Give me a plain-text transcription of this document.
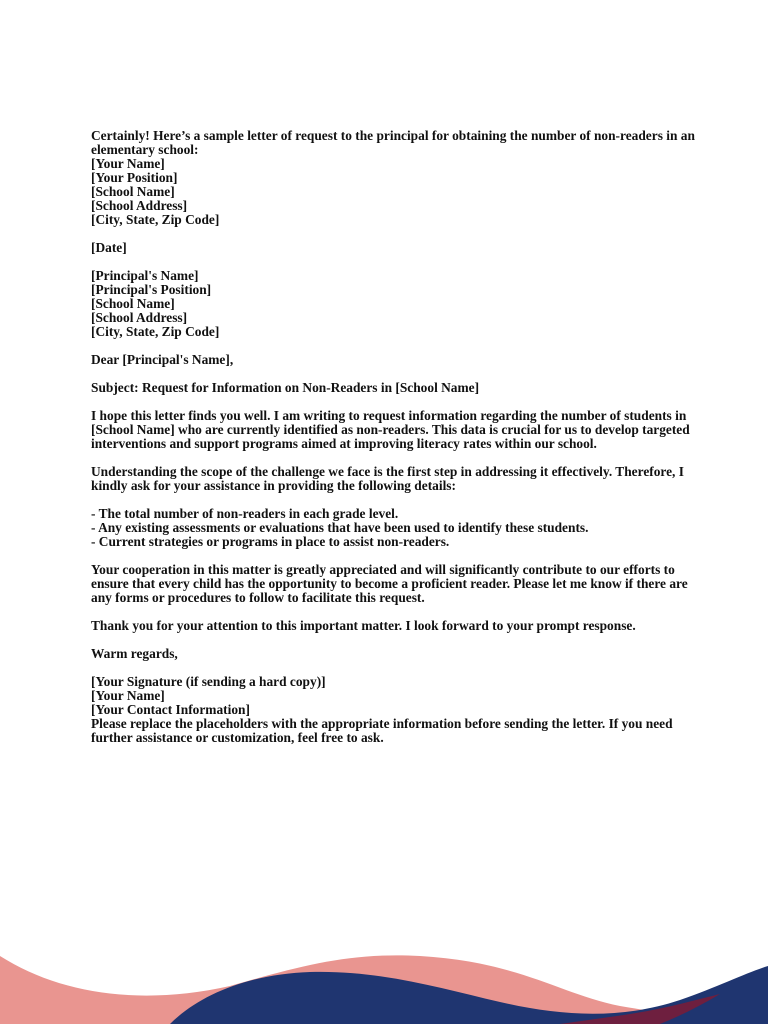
Certainly! Here’s a sample letter of request to the principal for obtaining the number of non-readers in an elementary school:

[Your Name]
[Your Position]
[School Name]
[School Address]
[City, State, Zip Code]

[Date]

[Principal's Name]
[Principal's Position]
[School Name]
[School Address]
[City, State, Zip Code]

Dear [Principal's Name],

Subject: Request for Information on Non-Readers in [School Name]

I hope this letter finds you well. I am writing to request information regarding the number of students in [School Name] who are currently identified as non-readers. This data is crucial for us to develop targeted interventions and support programs aimed at improving literacy rates within our school.

Understanding the scope of the challenge we face is the first step in addressing it effectively. Therefore, I kindly ask for your assistance in providing the following details:

- The total number of non-readers in each grade level.
- Any existing assessments or evaluations that have been used to identify these students.
- Current strategies or programs in place to assist non-readers.

Your cooperation in this matter is greatly appreciated and will significantly contribute to our efforts to ensure that every child has the opportunity to become a proficient reader. Please let me know if there are any forms or procedures to follow to facilitate this request.

Thank you for your attention to this important matter. I look forward to your prompt response.

Warm regards,

[Your Signature (if sending a hard copy)]
[Your Name]
[Your Contact Information]

Please replace the placeholders with the appropriate information before sending the letter. If you need further assistance or customization, feel free to ask.
